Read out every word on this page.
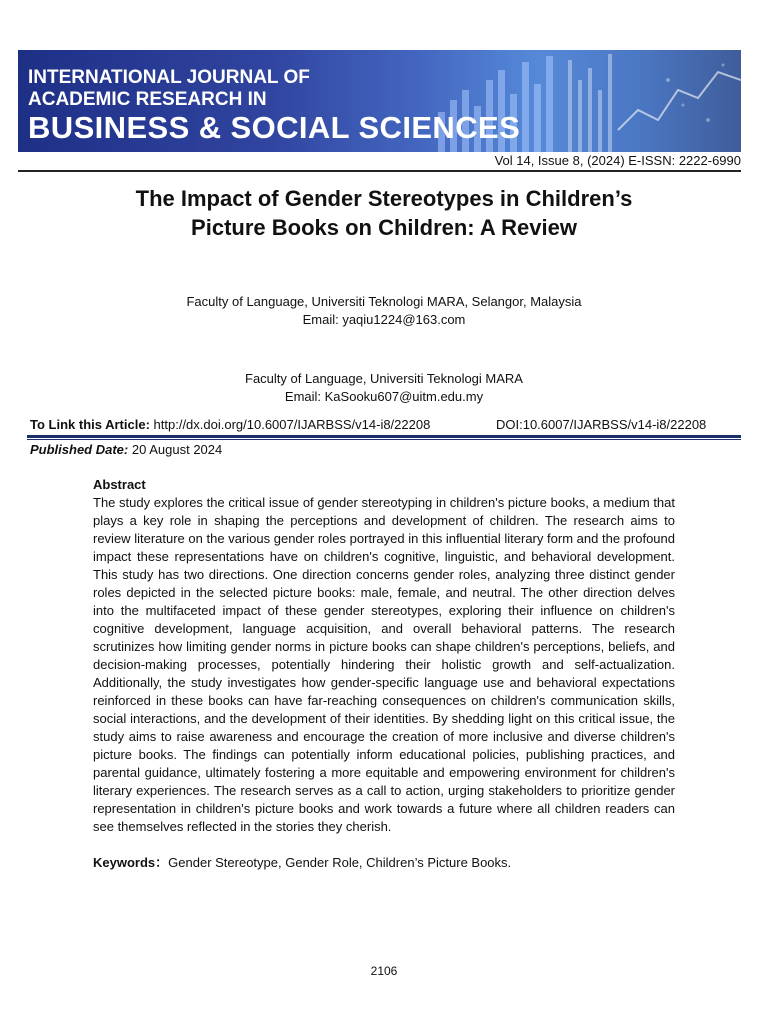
INTERNATIONAL JOURNAL OF
ACADEMIC RESEARCH IN
BUSINESS & SOCIAL SCIENCES
Vol 14, Issue 8, (2024) E-ISSN: 2222-6990
The Impact of Gender Stereotypes in Children’s
Picture Books on Children: A Review
Faculty of Language, Universiti Teknologi MARA, Selangor, Malaysia
Email: yaqiu1224@163.com
Faculty of Language, Universiti Teknologi MARA
Email: KaSooku607@uitm.edu.my
To Link this Article: http://dx.doi.org/10.6007/IJARBSS/v14-i8/22208	DOI:10.6007/IJARBSS/v14-i8/22208
Published Date: 20 August 2024
Abstract
The study explores the critical issue of gender stereotyping in children's picture books, a medium that plays a key role in shaping the perceptions and development of children. The research aims to review literature on the various gender roles portrayed in this influential literary form and the profound impact these representations have on children's cognitive, linguistic, and behavioral development. This study has two directions. One direction concerns gender roles, analyzing three distinct gender roles depicted in the selected picture books: male, female, and neutral. The other direction delves into the multifaceted impact of these gender stereotypes, exploring their influence on children's cognitive development, language acquisition, and overall behavioral patterns. The research scrutinizes how limiting gender norms in picture books can shape children's perceptions, beliefs, and decision-making processes, potentially hindering their holistic growth and self-actualization. Additionally, the study investigates how gender-specific language use and behavioral expectations reinforced in these books can have far-reaching consequences on children's communication skills, social interactions, and the development of their identities. By shedding light on this critical issue, the study aims to raise awareness and encourage the creation of more inclusive and diverse children's picture books. The findings can potentially inform educational policies, publishing practices, and parental guidance, ultimately fostering a more equitable and empowering environment for children's literary experiences. The research serves as a call to action, urging stakeholders to prioritize gender representation in children's picture books and work towards a future where all children readers can see themselves reflected in the stories they cherish.
Keywords：Gender Stereotype, Gender Role, Children’s Picture Books.
2106
